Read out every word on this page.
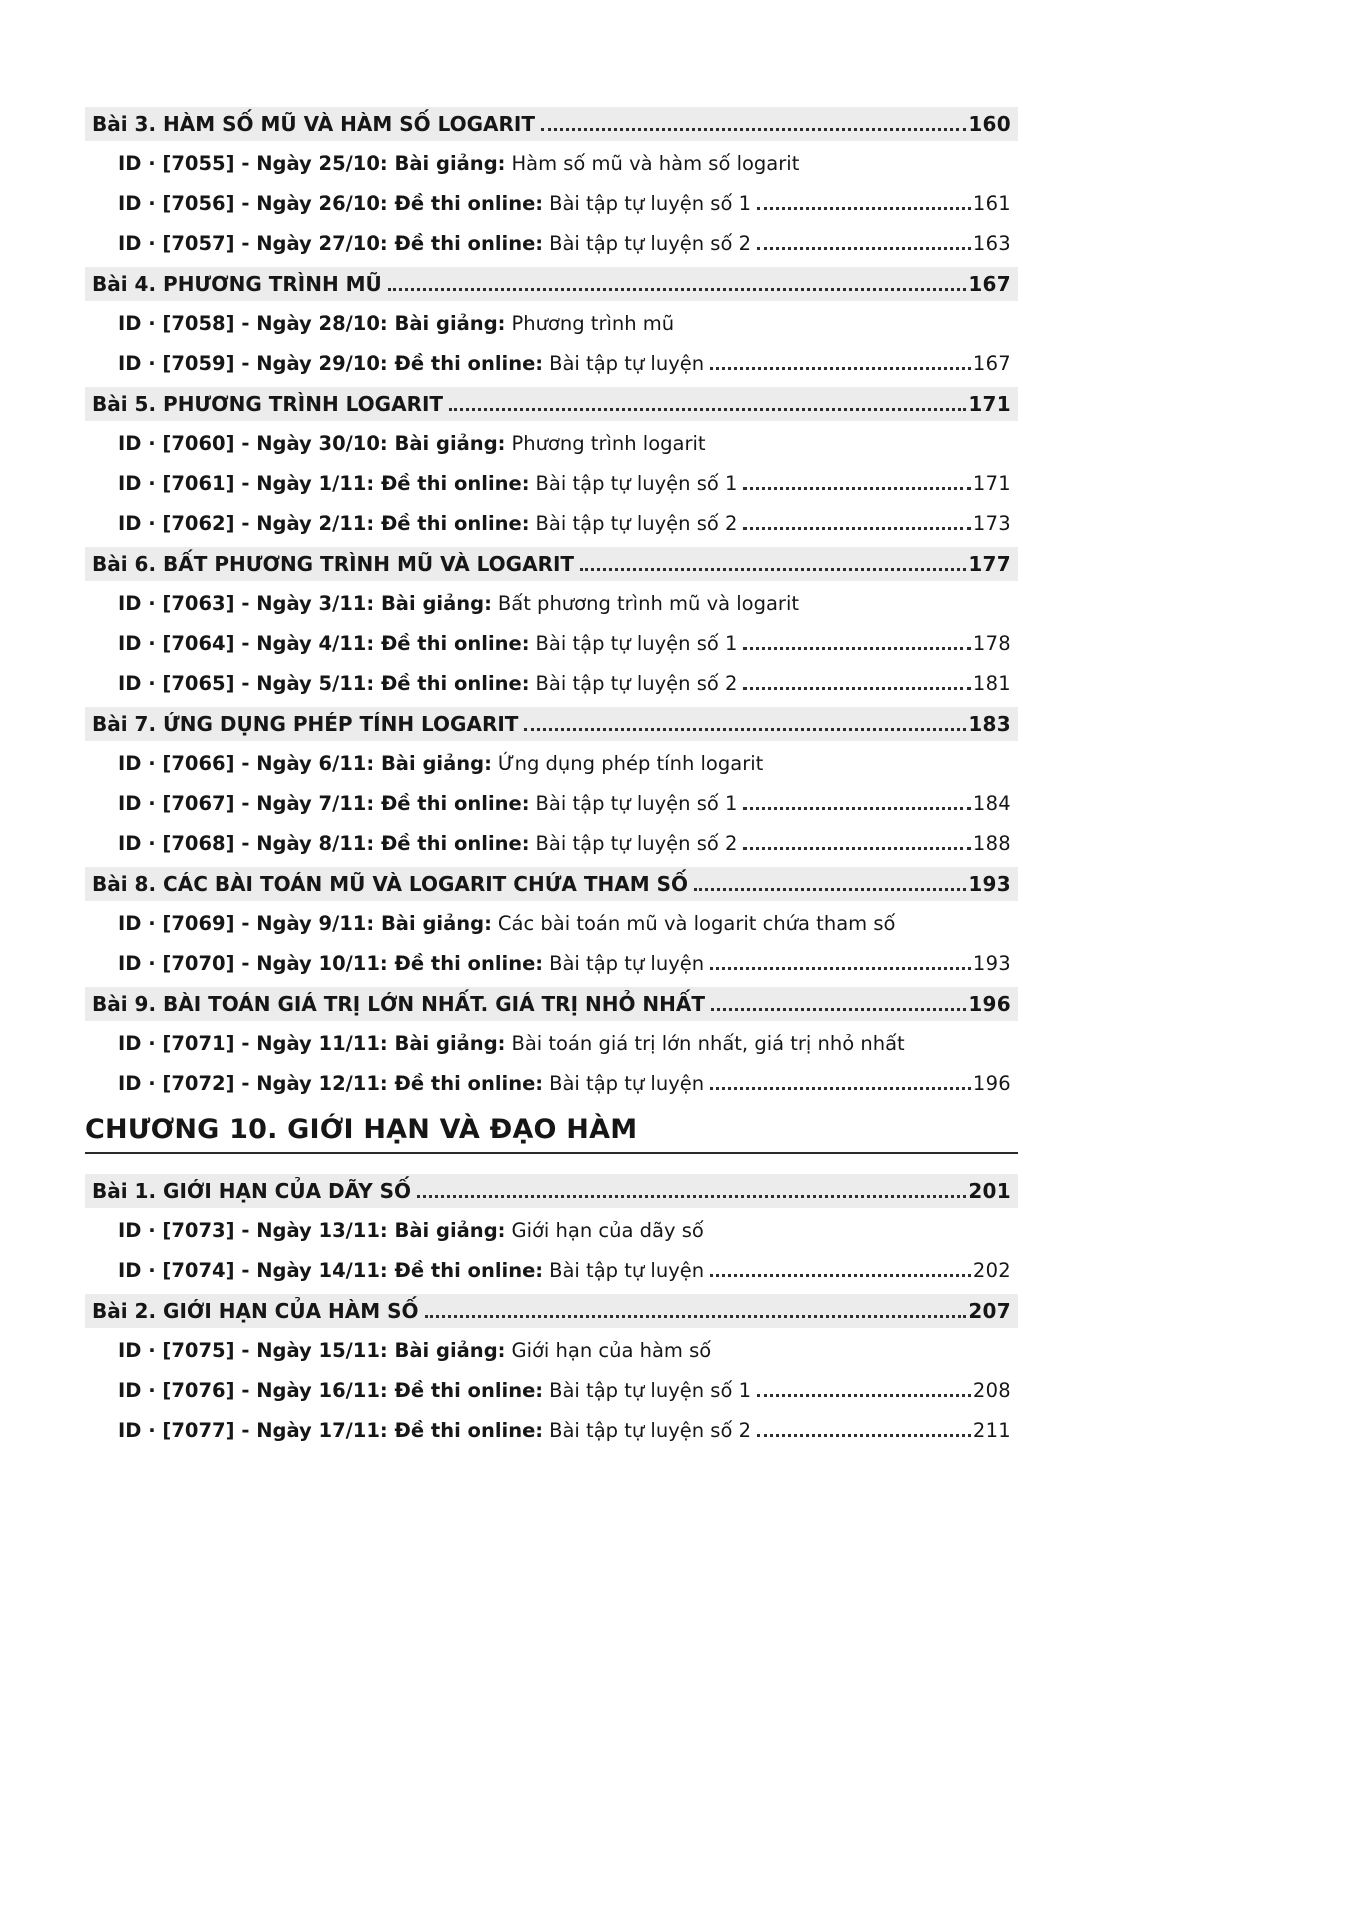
Bài 3. HÀM SỐ MŨ VÀ HÀM SỐ LOGARIT	160
ID · [7055] - Ngày 25/10: Bài giảng: Hàm số mũ và hàm số logarit
ID · [7056] - Ngày 26/10: Đề thi online: Bài tập tự luyện số 1	161
ID · [7057] - Ngày 27/10: Đề thi online: Bài tập tự luyện số 2	163
Bài 4. PHƯƠNG TRÌNH MŨ	167
ID · [7058] - Ngày 28/10: Bài giảng: Phương trình mũ
ID · [7059] - Ngày 29/10: Đề thi online: Bài tập tự luyện	167
Bài 5. PHƯƠNG TRÌNH LOGARIT	171
ID · [7060] - Ngày 30/10: Bài giảng: Phương trình logarit
ID · [7061] - Ngày 1/11: Đề thi online: Bài tập tự luyện số 1	171
ID · [7062] - Ngày 2/11: Đề thi online: Bài tập tự luyện số 2	173
Bài 6. BẤT PHƯƠNG TRÌNH MŨ VÀ LOGARIT	177
ID · [7063] - Ngày 3/11: Bài giảng: Bất phương trình mũ và logarit
ID · [7064] - Ngày 4/11: Đề thi online: Bài tập tự luyện số 1	178
ID · [7065] - Ngày 5/11: Đề thi online: Bài tập tự luyện số 2	181
Bài 7. ỨNG DỤNG PHÉP TÍNH LOGARIT	183
ID · [7066] - Ngày 6/11: Bài giảng: Ứng dụng phép tính logarit
ID · [7067] - Ngày 7/11: Đề thi online: Bài tập tự luyện số 1	184
ID · [7068] - Ngày 8/11: Đề thi online: Bài tập tự luyện số 2	188
Bài 8. CÁC BÀI TOÁN MŨ VÀ LOGARIT CHỨA THAM SỐ	193
ID · [7069] - Ngày 9/11: Bài giảng: Các bài toán mũ và logarit chứa tham số
ID · [7070] - Ngày 10/11: Đề thi online: Bài tập tự luyện	193
Bài 9. BÀI TOÁN GIÁ TRỊ LỚN NHẤT. GIÁ TRỊ NHỎ NHẤT	196
ID · [7071] - Ngày 11/11: Bài giảng: Bài toán giá trị lớn nhất, giá trị nhỏ nhất
ID · [7072] - Ngày 12/11: Đề thi online: Bài tập tự luyện	196
CHƯƠNG 10. GIỚI HẠN VÀ ĐẠO HÀM
Bài 1. GIỚI HẠN CỦA DÃY SỐ	201
ID · [7073] - Ngày 13/11: Bài giảng: Giới hạn của dãy số
ID · [7074] - Ngày 14/11: Đề thi online: Bài tập tự luyện	202
Bài 2. GIỚI HẠN CỦA HÀM SỐ	207
ID · [7075] - Ngày 15/11: Bài giảng: Giới hạn của hàm số
ID · [7076] - Ngày 16/11: Đề thi online: Bài tập tự luyện số 1	208
ID · [7077] - Ngày 17/11: Đề thi online: Bài tập tự luyện số 2	211
